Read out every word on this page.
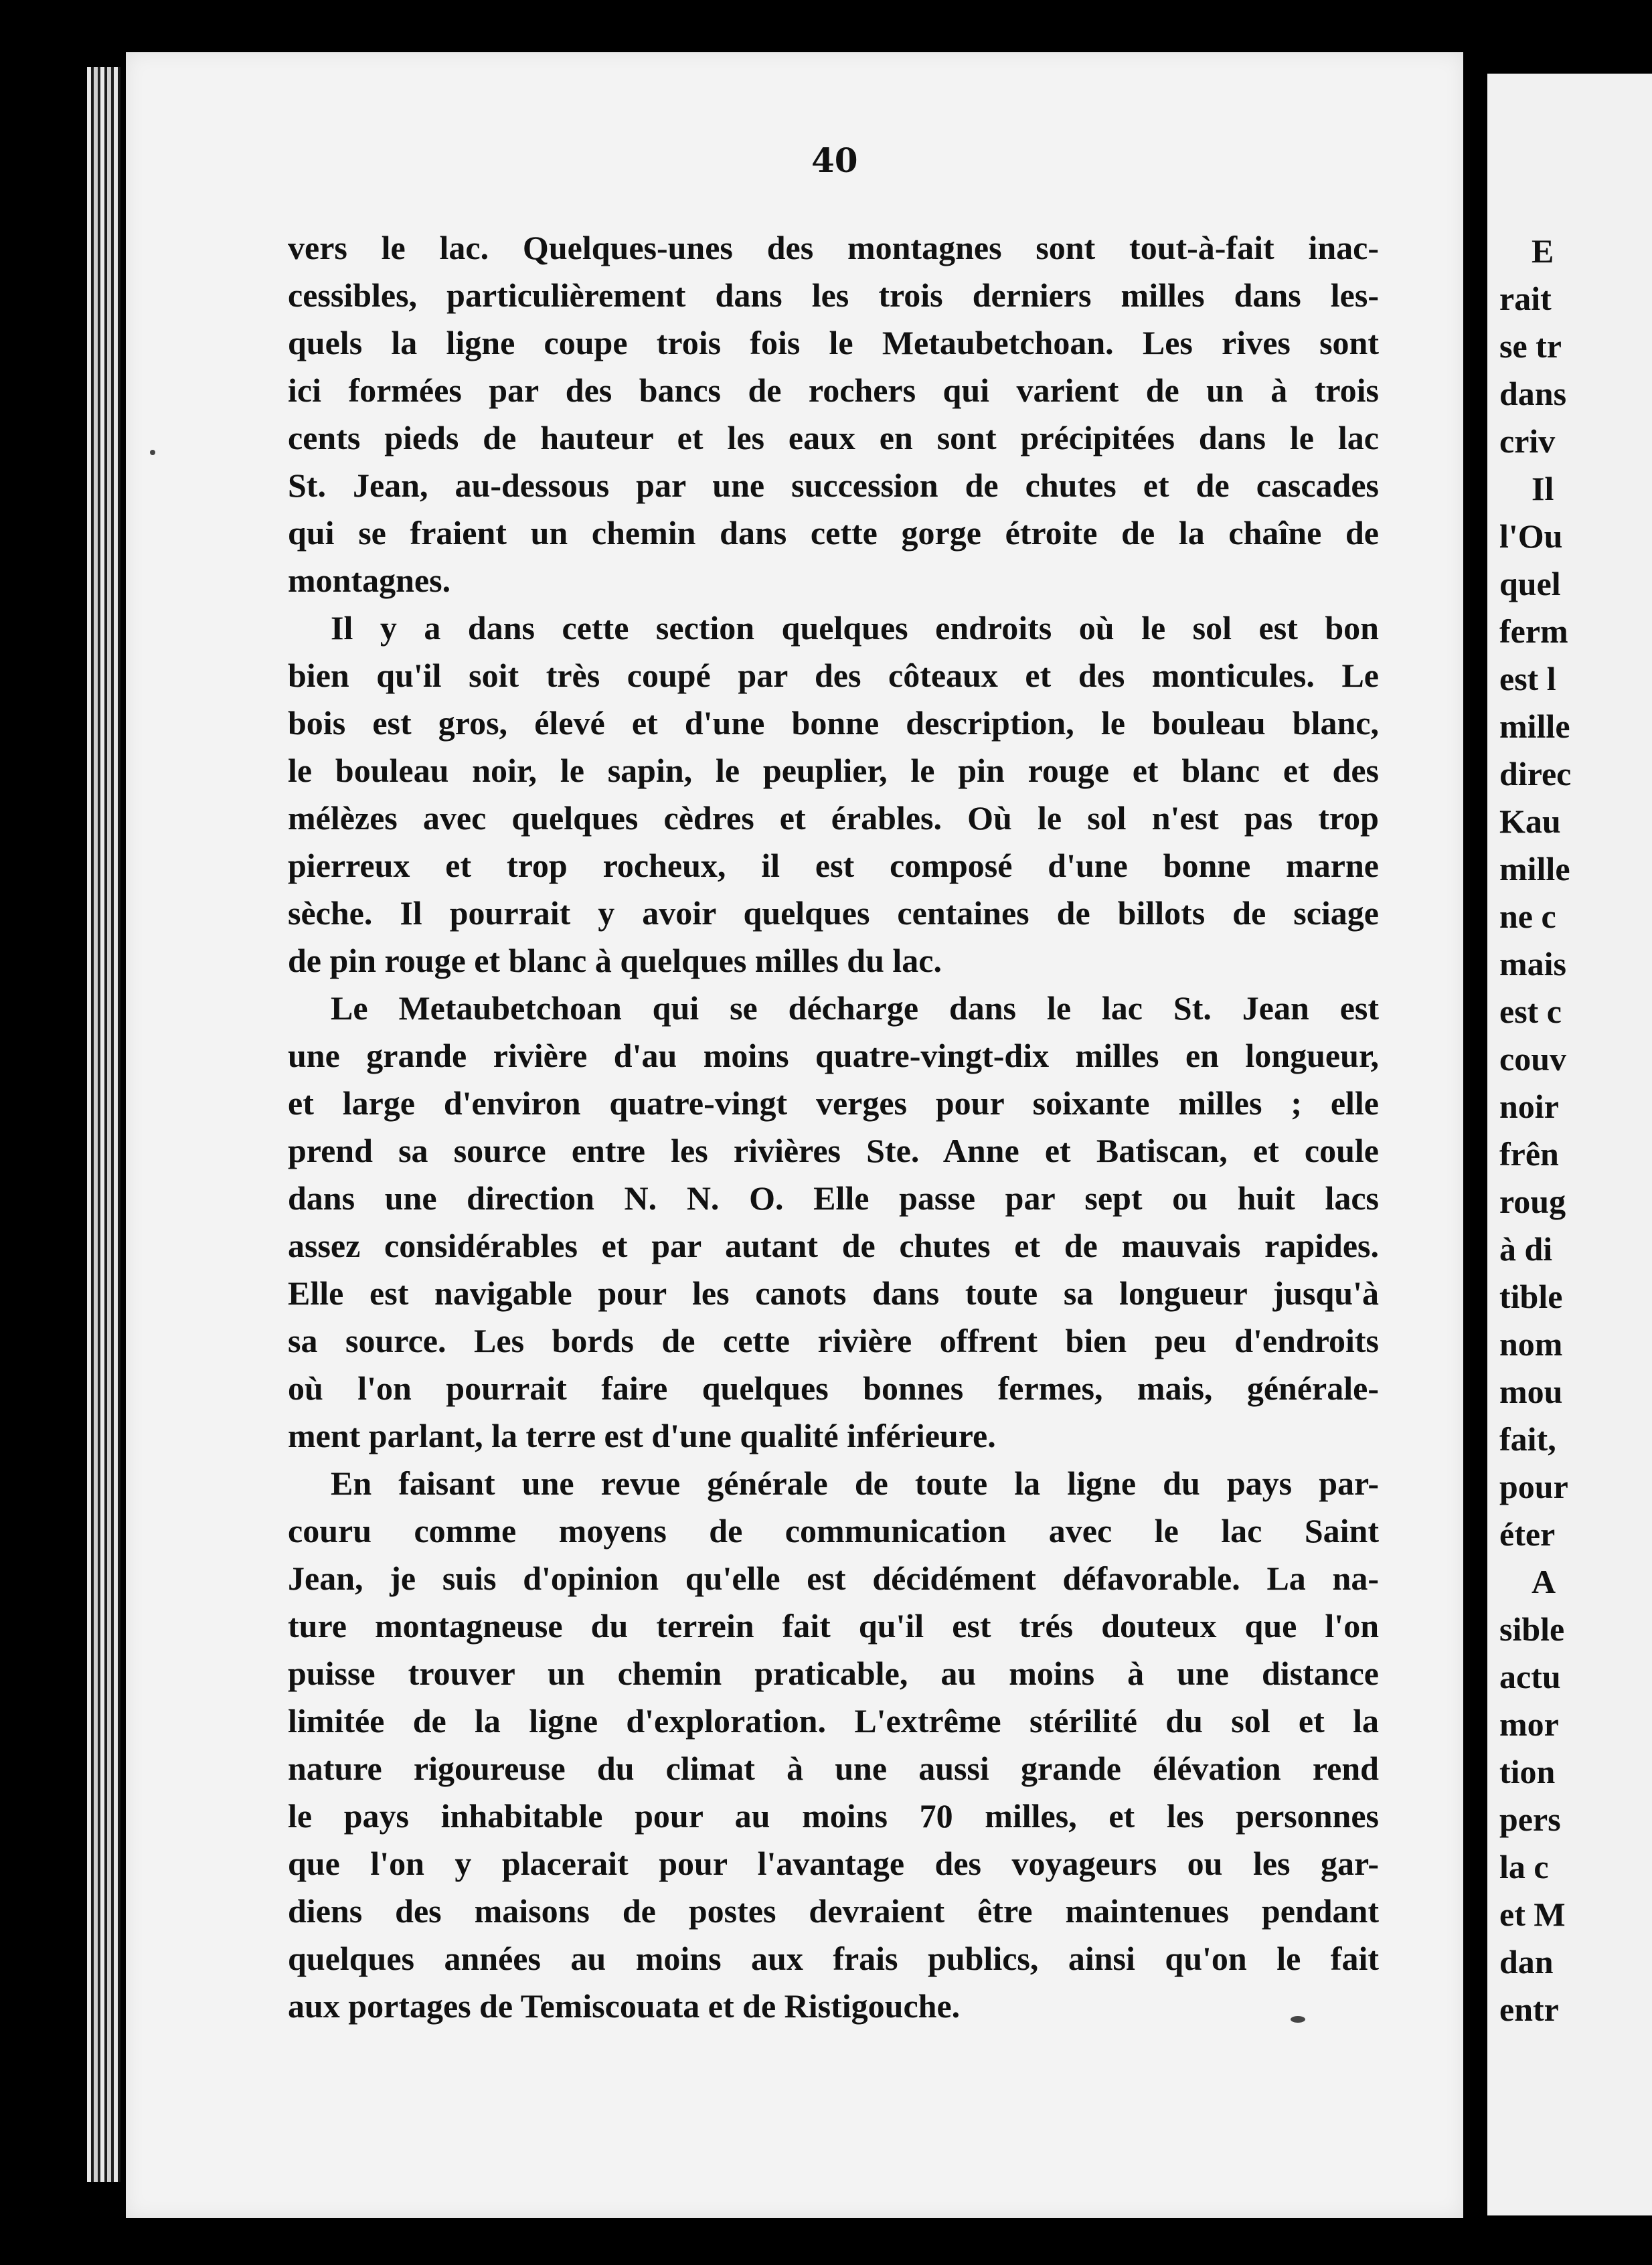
40
vers le lac. Quelques-unes des montagnes sont tout-à-fait inac-
cessibles, particulièrement dans les trois derniers milles dans les-
quels la ligne coupe trois fois le Metaubetchoan. Les rives sont
ici formées par des bancs de rochers qui varient de un à trois
cents pieds de hauteur et les eaux en sont précipitées dans le lac
St. Jean, au-dessous par une succession de chutes et de cascades
qui se fraient un chemin dans cette gorge étroite de la chaîne de
montagnes.
Il y a dans cette section quelques endroits où le sol est bon
bien qu'il soit très coupé par des côteaux et des monticules. Le
bois est gros, élevé et d'une bonne description, le bouleau blanc,
le bouleau noir, le sapin, le peuplier, le pin rouge et blanc et des
mélèzes avec quelques cèdres et érables. Où le sol n'est pas trop
pierreux et trop rocheux, il est composé d'une bonne marne
sèche. Il pourrait y avoir quelques centaines de billots de sciage
de pin rouge et blanc à quelques milles du lac.
Le Metaubetchoan qui se décharge dans le lac St. Jean est
une grande rivière d'au moins quatre-vingt-dix milles en longueur,
et large d'environ quatre-vingt verges pour soixante milles ; elle
prend sa source entre les rivières Ste. Anne et Batiscan, et coule
dans une direction N. N. O. Elle passe par sept ou huit lacs
assez considérables et par autant de chutes et de mauvais rapides.
Elle est navigable pour les canots dans toute sa longueur jusqu'à
sa source. Les bords de cette rivière offrent bien peu d'endroits
où l'on pourrait faire quelques bonnes fermes, mais, générale-
ment parlant, la terre est d'une qualité inférieure.
En faisant une revue générale de toute la ligne du pays par-
couru comme moyens de communication avec le lac Saint
Jean, je suis d'opinion qu'elle est décidément défavorable. La na-
ture montagneuse du terrein fait qu'il est trés douteux que l'on
puisse trouver un chemin praticable, au moins à une distance
limitée de la ligne d'exploration. L'extrême stérilité du sol et la
nature rigoureuse du climat à une aussi grande élévation rend
le pays inhabitable pour au moins 70 milles, et les personnes
que l'on y placerait pour l'avantage des voyageurs ou les gar-
diens des maisons de postes devraient être maintenues pendant
quelques années au moins aux frais publics, ainsi qu'on le fait
aux portages de Temiscouata et de Ristigouche.
E
rait
se tr
dans
criv
Il
l'Ou
quel
ferm
est l
mille
direc
Kau
mille
ne c
mais
est c
couv
noir
frên
roug
à di
tible
nom
mou
fait,
pour
éter
A
sible
actu
mor
tion
pers
la c
et M
dan
entr
